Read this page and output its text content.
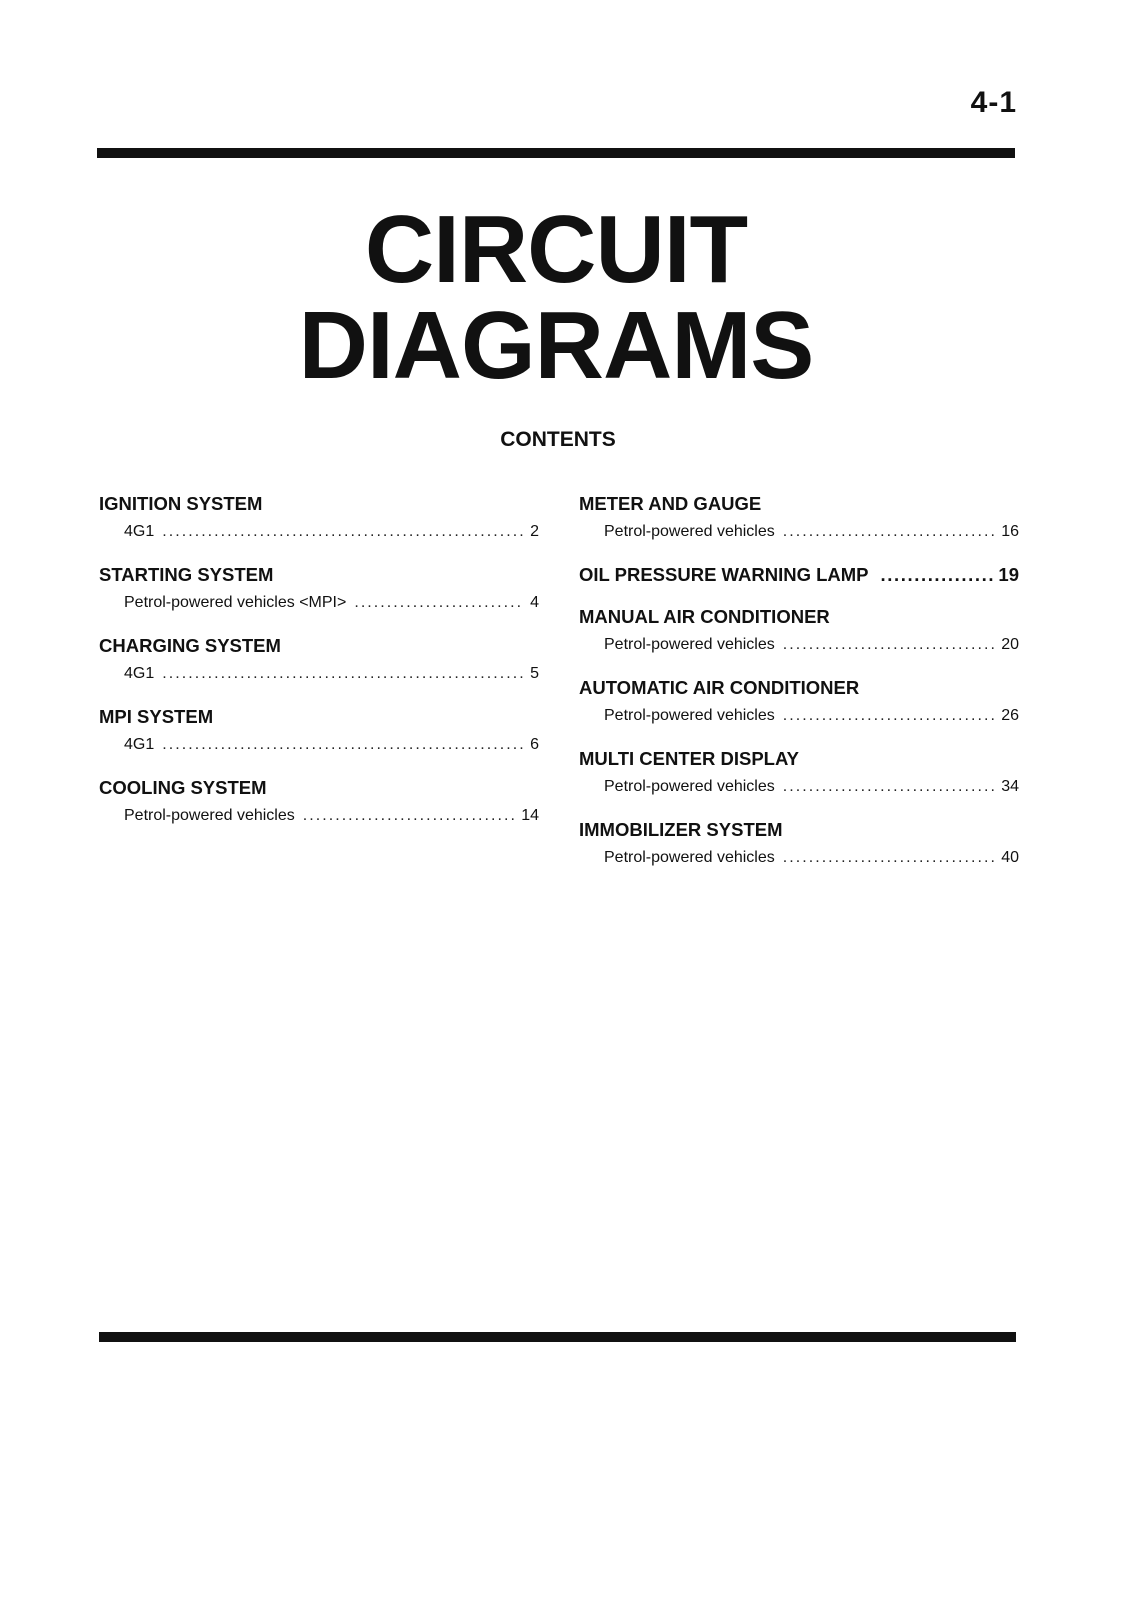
4-1
CIRCUIT
DIAGRAMS
CONTENTS
IGNITION SYSTEM
4G1 . . .	2
STARTING SYSTEM
Petrol-powered vehicles <MPI> . . .	4
CHARGING SYSTEM
4G1 . . .	5
MPI SYSTEM
4G1 . . .	6
COOLING SYSTEM
Petrol-powered vehicles . . .	14
METER AND GAUGE
Petrol-powered vehicles . . .	16
OIL PRESSURE WARNING LAMP .....	19
MANUAL AIR CONDITIONER
Petrol-powered vehicles . . .	20
AUTOMATIC AIR CONDITIONER
Petrol-powered vehicles . . .	26
MULTI CENTER DISPLAY
Petrol-powered vehicles . . .	34
IMMOBILIZER SYSTEM
Petrol-powered vehicles . . .	40
